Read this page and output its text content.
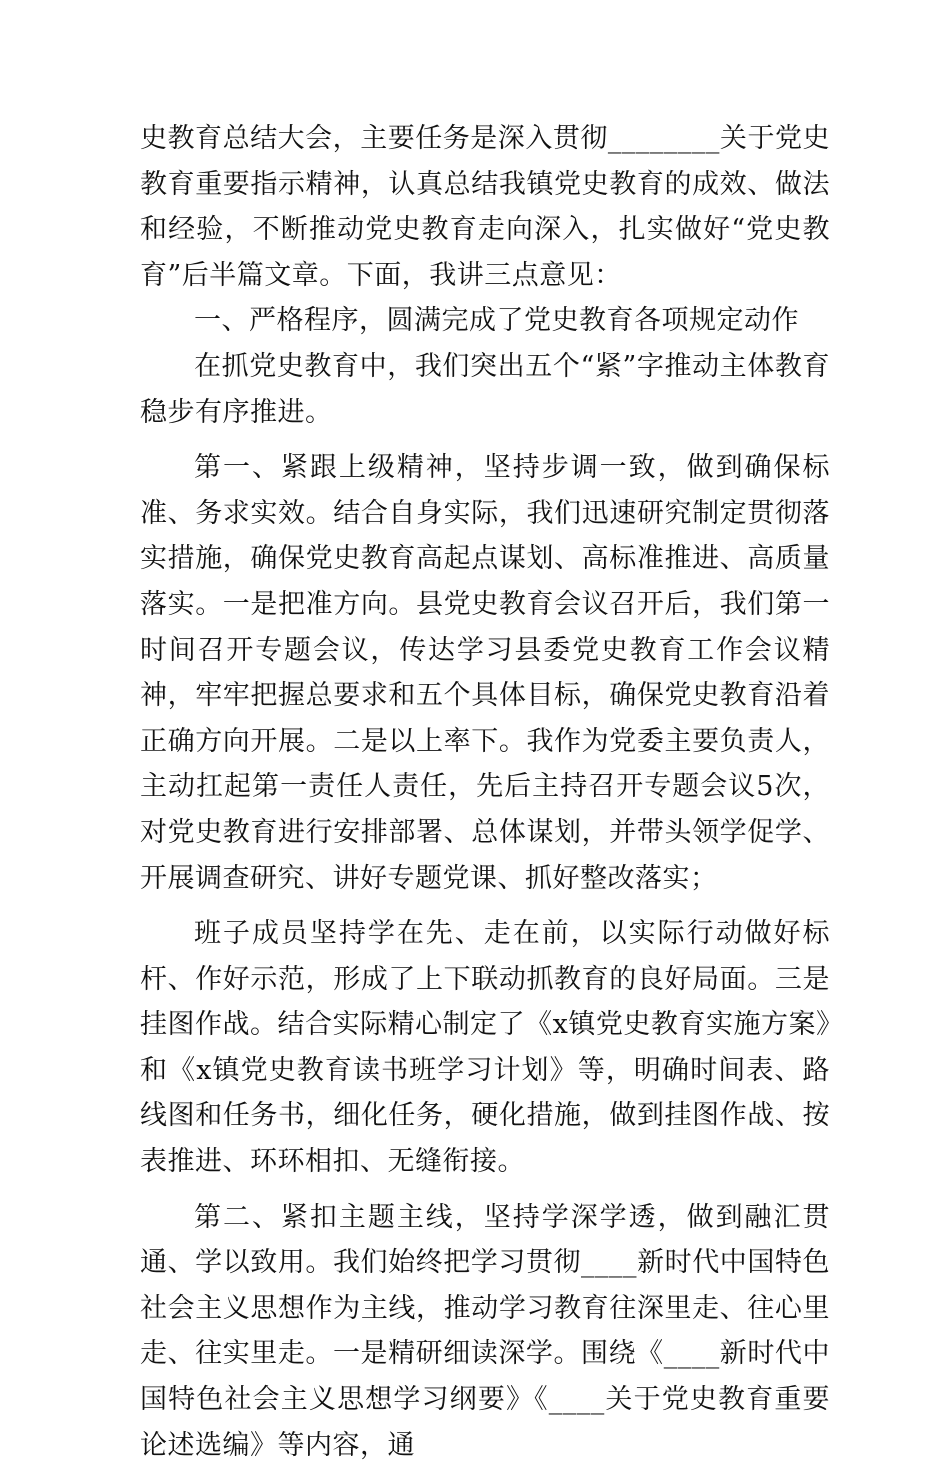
史教育总结大会，主要任务是深入贯彻________关于党史教育重要指示精神，认真总结我镇党史教育的成效、做法和经验，不断推动党史教育走向深入，扎实做好“党史教育”后半篇文章。下面，我讲三点意见：

一、严格程序，圆满完成了党史教育各项规定动作

在抓党史教育中，我们突出五个“紧”字推动主体教育稳步有序推进。

第一、紧跟上级精神，坚持步调一致，做到确保标准、务求实效。结合自身实际，我们迅速研究制定贯彻落实措施，确保党史教育高起点谋划、高标准推进、高质量落实。一是把准方向。县党史教育会议召开后，我们第一时间召开专题会议，传达学习县委党史教育工作会议精神，牢牢把握总要求和五个具体目标，确保党史教育沿着正确方向开展。二是以上率下。我作为党委主要负责人，主动扛起第一责任人责任，先后主持召开专题会议5次，对党史教育进行安排部署、总体谋划，并带头领学促学、开展调查研究、讲好专题党课、抓好整改落实；

班子成员坚持学在先、走在前，以实际行动做好标杆、作好示范，形成了上下联动抓教育的良好局面。三是挂图作战。结合实际精心制定了《x镇党史教育实施方案》和《x镇党史教育读书班学习计划》等，明确时间表、路线图和任务书，细化任务，硬化措施，做到挂图作战、按表推进、环环相扣、无缝衔接。

第二、紧扣主题主线，坚持学深学透，做到融汇贯通、学以致用。我们始终把学习贯彻____新时代中国特色社会主义思想作为主线，推动学习教育往深里走、往心里走、往实里走。一是精研细读深学。围绕《____新时代中国特色社会主义思想学习纲要》《____关于党史教育重要论述选编》等内容，通
